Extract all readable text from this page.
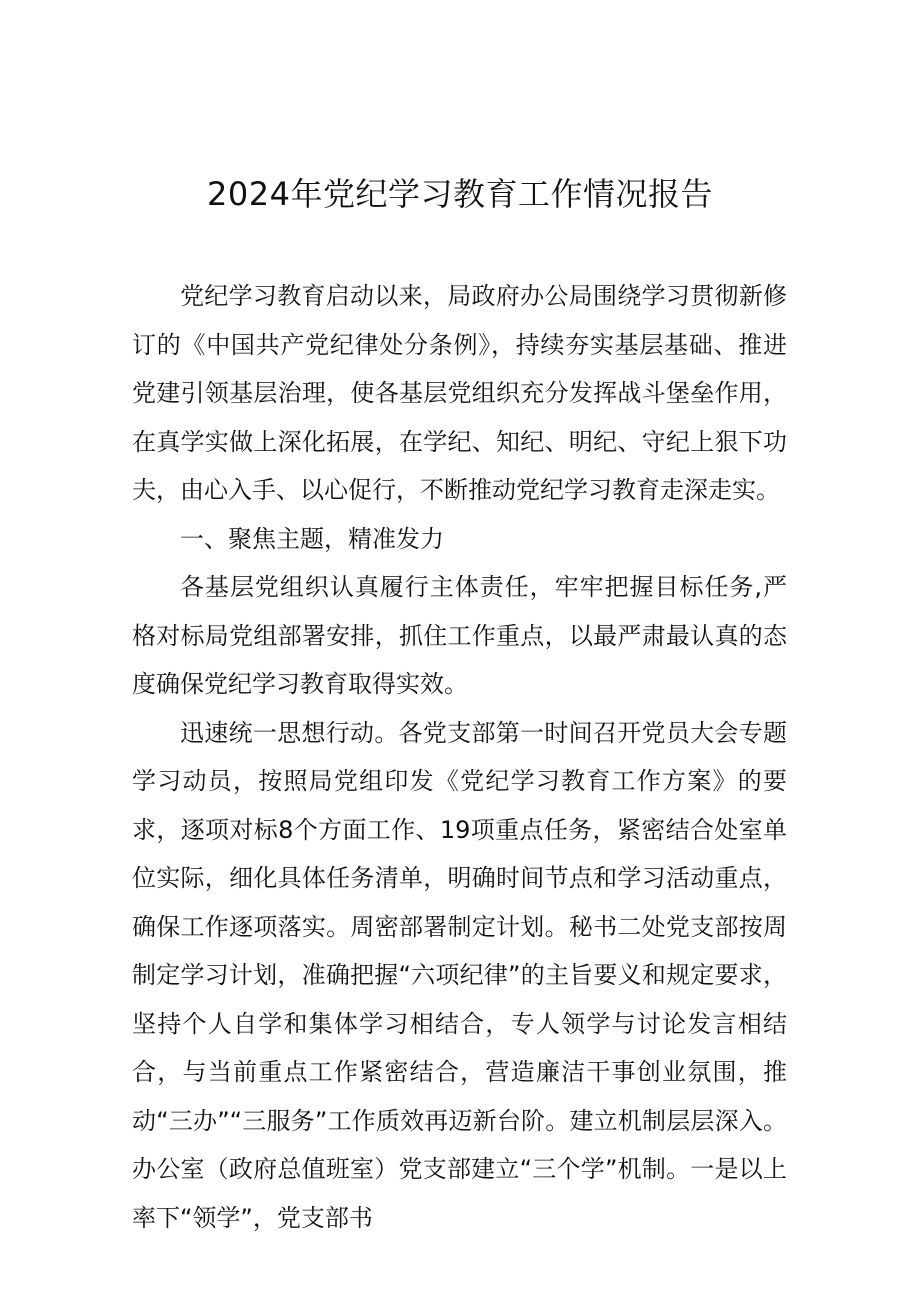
2024年党纪学习教育工作情况报告

党纪学习教育启动以来，局政府办公局围绕学习贯彻新修订的《中国共产党纪律处分条例》，持续夯实基层基础、推进党建引领基层治理，使各基层党组织充分发挥战斗堡垒作用，在真学实做上深化拓展，在学纪、知纪、明纪、守纪上狠下功夫，由心入手、以心促行，不断推动党纪学习教育走深走实。

一、聚焦主题，精准发力

各基层党组织认真履行主体责任，牢牢把握目标任务,严格对标局党组部署安排，抓住工作重点，以最严肃最认真的态度确保党纪学习教育取得实效。

迅速统一思想行动。各党支部第一时间召开党员大会专题学习动员，按照局党组印发《党纪学习教育工作方案》的要求，逐项对标8个方面工作、19项重点任务，紧密结合处室单位实际，细化具体任务清单，明确时间节点和学习活动重点，确保工作逐项落实。周密部署制定计划。秘书二处党支部按周制定学习计划，准确把握“六项纪律”的主旨要义和规定要求，坚持个人自学和集体学习相结合，专人领学与讨论发言相结合，与当前重点工作紧密结合，营造廉洁干事创业氛围，推动“三办”“三服务”工作质效再迈新台阶。建立机制层层深入。办公室（政府总值班室）党支部建立“三个学”机制。一是以上率下“领学”，党支部书
